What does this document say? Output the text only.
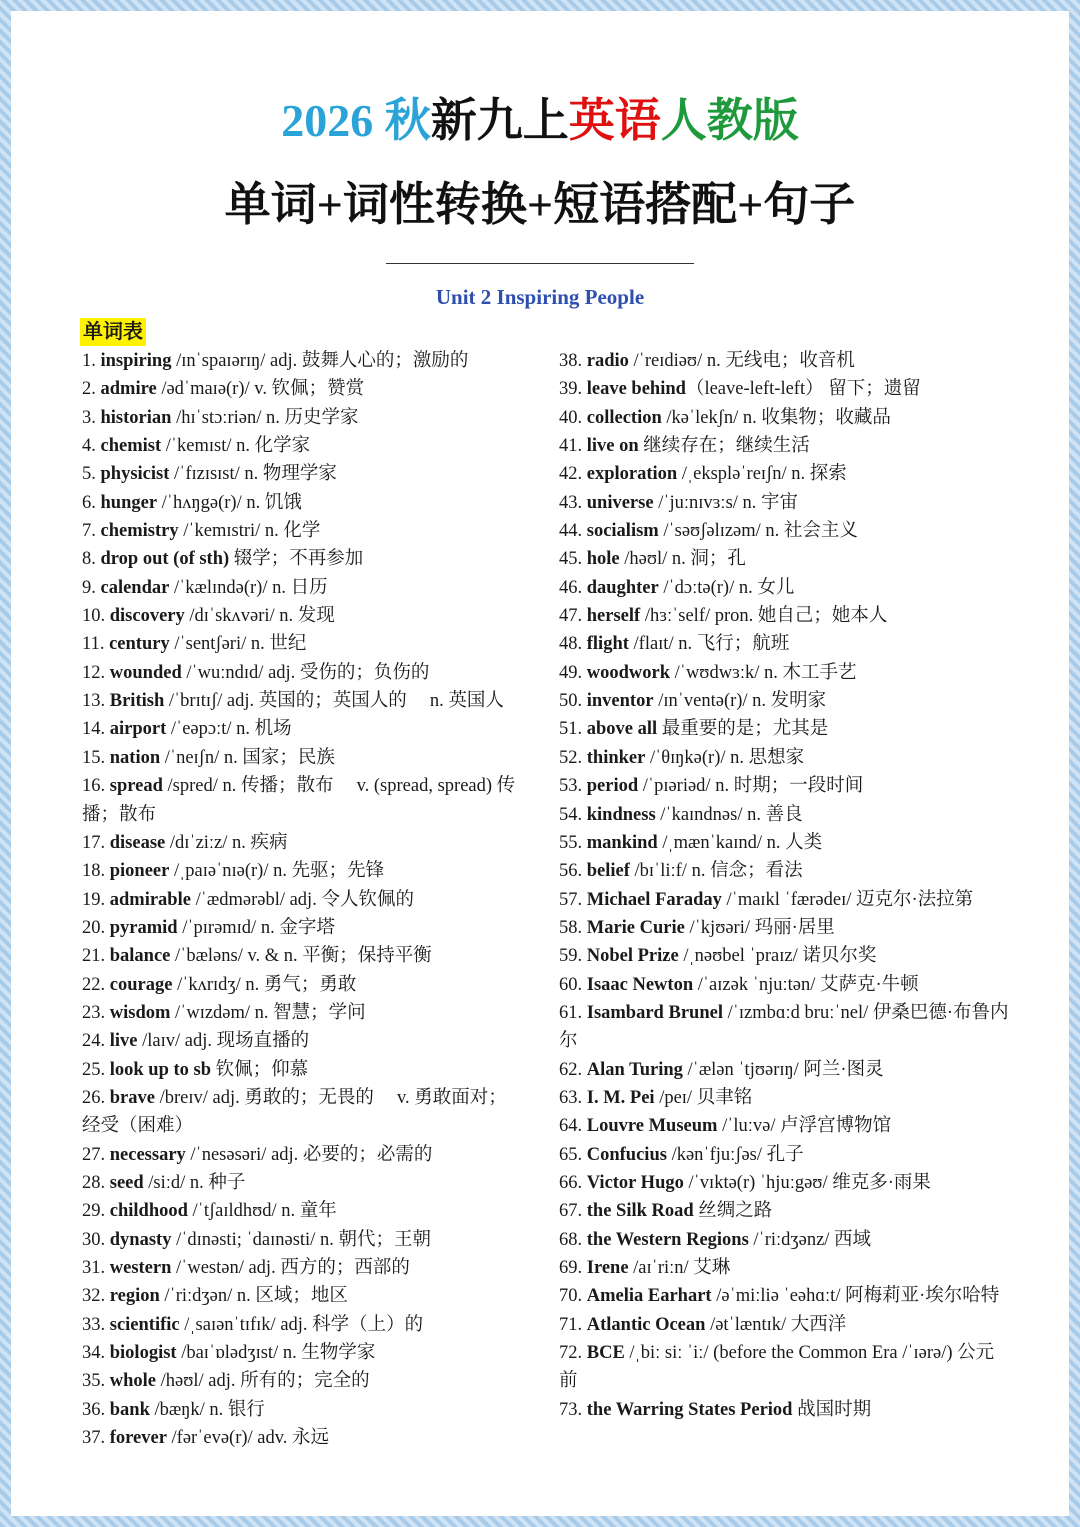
2026 秋新九上英语人教版
单词+词性转换+短语搭配+句子
Unit 2 Inspiring People
单词表
1. inspiring /ɪnˈspaɪərɪŋ/ adj. 鼓舞人心的；激励的
2. admire /ədˈmaɪə(r)/ v. 钦佩；赞赏
3. historian /hɪˈstɔːriən/ n. 历史学家
4. chemist /ˈkemɪst/ n. 化学家
5. physicist /ˈfɪzɪsɪst/ n. 物理学家
6. hunger /ˈhʌŋgə(r)/ n. 饥饿
7. chemistry /ˈkemɪstri/ n. 化学
8. drop out (of sth) 辍学；不再参加
9. calendar /ˈkælɪndə(r)/ n. 日历
10. discovery /dɪˈskʌvəri/ n. 发现
11. century /ˈsentʃəri/ n. 世纪
12. wounded /ˈwuːndɪd/ adj. 受伤的；负伤的
13. British /ˈbrɪtɪʃ/ adj. 英国的；英国人的　 n. 英国人
14. airport /ˈeəpɔːt/ n. 机场
15. nation /ˈneɪʃn/ n. 国家；民族
16. spread /spred/ n. 传播；散布　 v. (spread, spread) 传播；散布
17. disease /dɪˈziːz/ n. 疾病
18. pioneer /ˌpaɪəˈnɪə(r)/ n. 先驱；先锋
19. admirable /ˈædmərəbl/ adj. 令人钦佩的
20. pyramid /ˈpɪrəmɪd/ n. 金字塔
21. balance /ˈbæləns/ v. & n. 平衡；保持平衡
22. courage /ˈkʌrɪdʒ/ n. 勇气；勇敢
23. wisdom /ˈwɪzdəm/ n. 智慧；学问
24. live /laɪv/ adj. 现场直播的
25. look up to sb 钦佩；仰慕
26. brave /breɪv/ adj. 勇敢的；无畏的　 v. 勇敢面对；经受（困难）
27. necessary /ˈnesəsəri/ adj. 必要的；必需的
28. seed /siːd/ n. 种子
29. childhood /ˈtʃaɪldhʊd/ n. 童年
30. dynasty /ˈdɪnəsti; ˈdaɪnəsti/ n. 朝代；王朝
31. western /ˈwestən/ adj. 西方的；西部的
32. region /ˈriːdʒən/ n. 区域；地区
33. scientific /ˌsaɪənˈtɪfɪk/ adj. 科学（上）的
34. biologist /baɪˈɒlədʒɪst/ n. 生物学家
35. whole /həʊl/ adj. 所有的；完全的
36. bank /bæŋk/ n. 银行
37. forever /fərˈevə(r)/ adv. 永远
38. radio /ˈreɪdiəʊ/ n. 无线电；收音机
39. leave behind（leave-left-left） 留下；遗留
40. collection /kəˈlekʃn/ n. 收集物；收藏品
41. live on 继续存在；继续生活
42. exploration /ˌekspləˈreɪʃn/ n. 探索
43. universe /ˈjuːnɪvɜːs/ n. 宇宙
44. socialism /ˈsəʊʃəlɪzəm/ n. 社会主义
45. hole /həʊl/ n. 洞；孔
46. daughter /ˈdɔːtə(r)/ n. 女儿
47. herself /hɜːˈself/ pron. 她自己；她本人
48. flight /flaɪt/ n. 飞行；航班
49. woodwork /ˈwʊdwɜːk/ n. 木工手艺
50. inventor /ɪnˈventə(r)/ n. 发明家
51. above all 最重要的是；尤其是
52. thinker /ˈθɪŋkə(r)/ n. 思想家
53. period /ˈpɪəriəd/ n. 时期；一段时间
54. kindness /ˈkaɪndnəs/ n. 善良
55. mankind /ˌmænˈkaɪnd/ n. 人类
56. belief /bɪˈliːf/ n. 信念；看法
57. Michael Faraday /ˈmaɪkl ˈfærədeɪ/ 迈克尔·法拉第
58. Marie Curie /ˈkjʊəri/ 玛丽·居里
59. Nobel Prize /ˌnəʊbel ˈpraɪz/ 诺贝尔奖
60. Isaac Newton /ˈaɪzək ˈnjuːtən/ 艾萨克·牛顿
61. Isambard Brunel /ˈɪzmbɑːd bruːˈnel/ 伊桑巴德·布鲁内尔
62. Alan Turing /ˈælən ˈtjʊərɪŋ/ 阿兰·图灵
63. I. M. Pei /peɪ/ 贝聿铭
64. Louvre Museum /ˈluːvə/ 卢浮宫博物馆
65. Confucius /kənˈfjuːʃəs/ 孔子
66. Victor Hugo /ˈvɪktə(r) ˈhjuːgəʊ/ 维克多·雨果
67. the Silk Road 丝绸之路
68. the Western Regions /ˈriːdʒənz/ 西域
69. Irene /aɪˈriːn/ 艾琳
70. Amelia Earhart /əˈmiːliə ˈeəhɑːt/ 阿梅莉亚·埃尔哈特
71. Atlantic Ocean /ətˈlæntɪk/ 大西洋
72. BCE /ˌbiː siː ˈiː/ (before the Common Era /ˈɪərə/) 公元前
73. the Warring States Period 战国时期
